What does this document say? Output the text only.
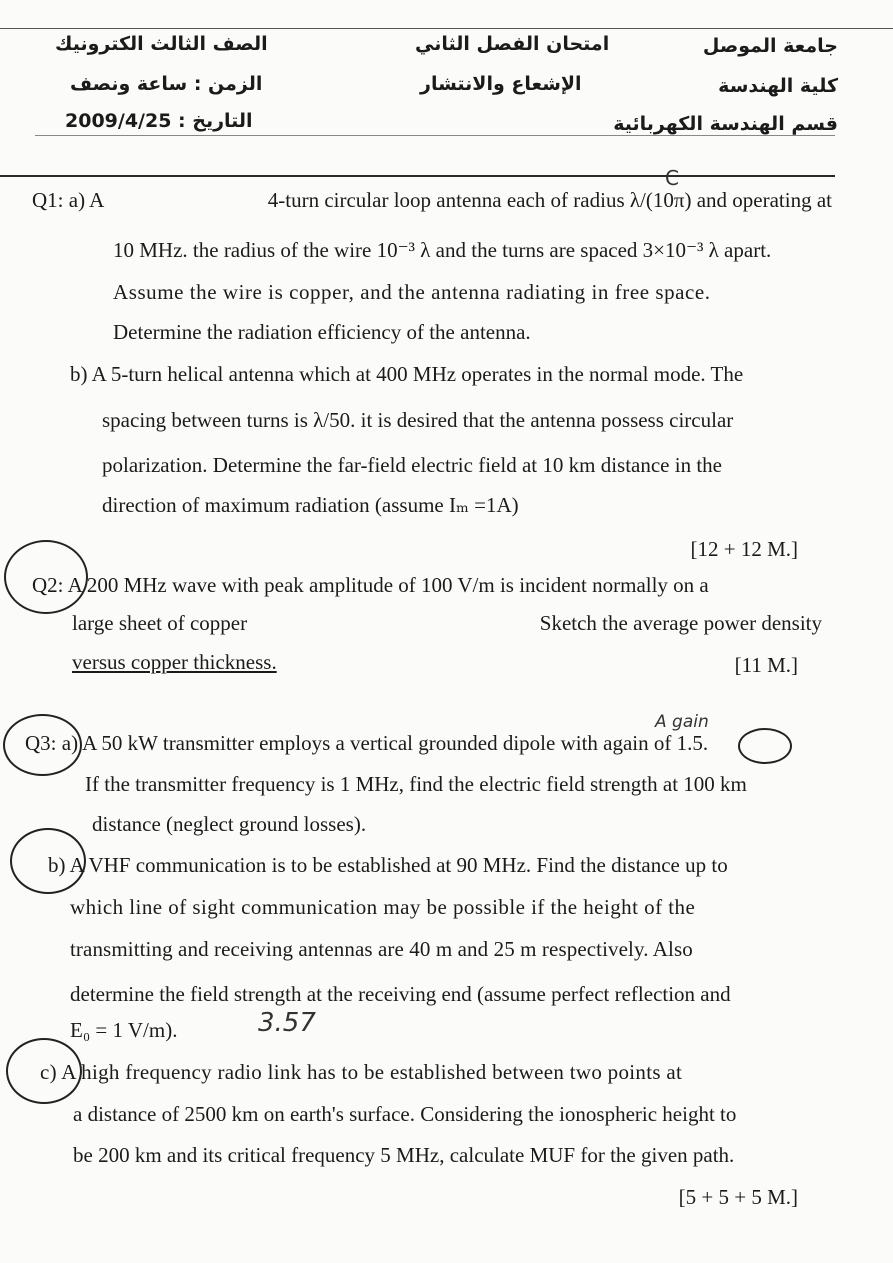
جامعة الموصل
كلية الهندسة
قسم الهندسة الكهربائية
امتحان الفصل الثاني
الإشعاع والانتشار
الصف الثالث الكترونيك
الزمن : ساعة ونصف
التاريخ : 2009/4/25
Q1: a) A	4-turn circular loop antenna each of radius λ/(10π) and operating at
C
10 MHz. the radius of the wire 10⁻³ λ and the turns are spaced 3×10⁻³ λ apart.
Assume the wire is copper, and the antenna radiating in free space.
Determine the radiation efficiency of the antenna.
b) A 5-turn helical antenna which at 400 MHz operates in the normal mode. The
spacing between turns is λ/50. it is desired that the antenna possess circular
polarization. Determine the far-field electric field at 10 km distance in the
direction of maximum radiation (assume Iₘ =1A)
[12 + 12 M.]
Q2: A 200 MHz wave with peak amplitude of 100 V/m is incident normally on a
large sheet of copper	Sketch the average power density
versus copper thickness.	[11 M.]
A gain
Q3: a) A 50 kW transmitter employs a vertical grounded dipole with again of 1.5.
If the transmitter frequency is 1 MHz, find the electric field strength at 100 km
distance (neglect ground losses).
b) A VHF communication is to be established at 90 MHz. Find the distance up to
which line of sight communication may be possible if the height of the
transmitting and receiving antennas are 40 m and 25 m respectively. Also
determine the field strength at the receiving end (assume perfect reflection and
E₀ = 1 V/m).	3.57
c) A high frequency radio link has to be established between two points at
a distance of 2500 km on earth's surface. Considering the ionospheric height to
be 200 km and its critical frequency 5 MHz, calculate MUF for the given path.
[5 + 5 + 5 M.]
